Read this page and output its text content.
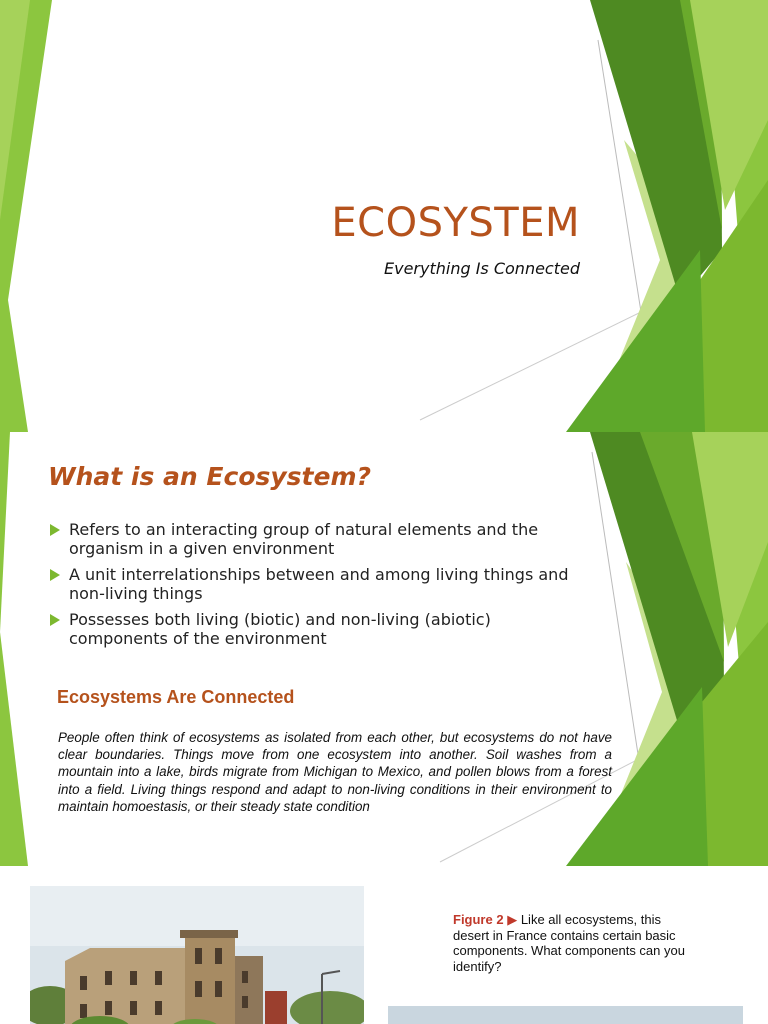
ECOSYSTEM

Everything Is Connected

What is an Ecosystem?
Refers to an interacting group of natural elements and the organism in a given environment
A unit interrelationships between and among living things and non-living things
Possesses both living (biotic) and non-living (abiotic) components of the environment
Ecosystems Are Connected

People often think of ecosystems as isolated from each other, but ecosystems do not have clear boundaries. Things move from one ecosystem into another. Soil washes from a mountain into a lake, birds migrate from Michigan to Mexico, and pollen blows from a forest into a field. Living things respond and adapt to non-living conditions in their environment to maintain homoestasis, or their steady state condition

Figure 2 ▶ Like all ecosystems, this desert in France contains certain basic components. What components can you identify?
